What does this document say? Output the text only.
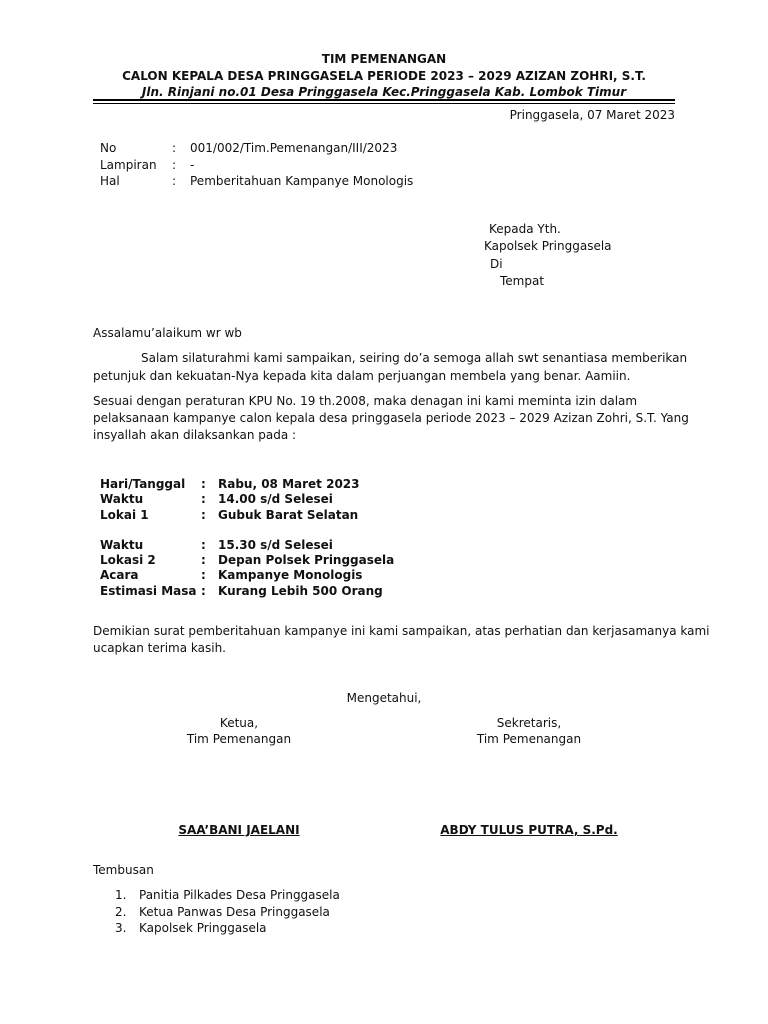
TIM PEMENANGAN
CALON KEPALA DESA PRINGGASELA PERIODE 2023 – 2029 AZIZAN ZOHRI, S.T.
Jln. Rinjani no.01 Desa Pringgasela Kec.Pringgasela Kab. Lombok Timur
Pringgasela, 07 Maret 2023
No	: 001/002/Tim.Pemenangan/III/2023
Lampiran : -
Hal	: Pemberitahuan Kampanye Monologis
Kepada Yth.
Kapolsek Pringgasela
Di
Tempat
Assalamu’alaikum wr wb
Salam silaturahmi kami sampaikan, seiring do’a semoga allah swt senantiasa memberikan
petunjuk dan kekuatan-Nya kepada kita dalam perjuangan membela yang benar. Aamiin.
Sesuai dengan peraturan KPU No. 19 th.2008, maka denagan ini kami meminta izin dalam
pelaksanaan kampanye calon kepala desa pringgasela periode 2023 – 2029 Azizan Zohri, S.T. Yang
insyallah akan dilaksankan pada :
Hari/Tanggal : Rabu, 08 Maret 2023
Waktu	: 14.00 s/d Selesei
Lokai 1	: Gubuk Barat Selatan
Waktu	: 15.30 s/d Selesei
Lokasi 2	: Depan Polsek Pringgasela
Acara	: Kampanye Monologis
Estimasi Masa : Kurang Lebih 500 Orang
Demikian surat pemberitahuan kampanye ini kami sampaikan, atas perhatian dan kerjasamanya kami
ucapkan terima kasih.
Mengetahui,
Ketua,
Tim Pemenangan
SAA’BANI JAELANI
Sekretaris,
Tim Pemenangan
ABDY TULUS PUTRA, S.Pd.
Tembusan
1. Panitia Pilkades Desa Pringgasela
2. Ketua Panwas Desa Pringgasela
3. Kapolsek Pringgasela
